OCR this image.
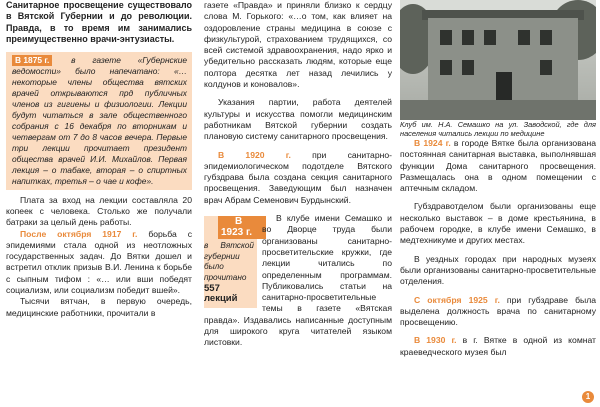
Санитарное просвещение существовало в Вятской Губернии и до революции. Правда, в то время им занимались преимущественно врачи-энтузиасты.

В 1875 г.	в газете «Губернские ведомости» было напечатано: «… некоторые члены общества вятских врачей открываются прд публичных членов из гигиены и физиологии. Лекции будут читаться в зале общественного собрания с 16 декабря по вторникам и четвергам от 7 до 8 часов вечера. Первые три лекции прочитает президент общества врачей И.И. Михайлов. Первая лекция – о табаке, вторая – о спиртных напитках, третья – о чае и кофе».

Плата за вход на лекции составляла 20 копеек с человека. Столько же получали батраки за целый день работы.

После октября 1917 г. борьба с эпидемиями стала одной из неотложных государственных задач. До Вятки дошел и встретил отклик призыв В.И. Ленина к борьбе с сыпным тифом : «… или вши победят социализм, или социализм победит вшей».

Тысячи вятчан, в первую очередь, медицинские работники, прочитали в

газете «Правда» и приняли близко к сердцу слова М. Горького: «…о том, как влияет на оздоровление страны медицина в союзе с физкультурой, страхованием трудящихся, со всей системой здравоохранения, надо ярко и убедительно рассказать людям, которые еще полтора десятка лет назад лечились у колдунов и коновалов».

Указания партии, работа деятелей культуры и искусства помогли медицинским работникам Вятской губернии создать плановую систему санитарного просвещения.

В 1920 г. при санитарно-эпидемиологическом подотделе Вятского губздрава была создана секция санитарного просвещения. Заведующим был назначен врач Абрам Семенович Бурдынский.

В 1923 г.
в Вятской губернии было прочитано
557
лекций
В клубе имени Семашко и во Дворце труда были организованы санитарно-просветительские кружки, где лекции читались по определенным программам. Публиковались статьи на санитарно-просветительные темы в газете «Вятская правда». Издавались написанные доступным для широкого круга читателей языком листовки.

Клуб им. Н.А. Семашко на ул. Заводской, где для населения читались лекции по медицине

В 1924 г. в городе Вятке была организована постоянная санитарная выставка, выполнявшая функции Дома санитарного просвещения. Размещалась она в одном помещении с аптечным складом.

Губздравотделом были организованы еще несколько выставок – в доме крестьянина, в рабочем городке, в клубе имени Семашко, в медтехникуме и других местах.

В уездных городах при народных музеях были организованы санитарно-просветительные отделения.

С октября 1925 г. при губздраве была выделена должность врача по санитарному просвещению.

В 1930 г. в г. Вятке в одной из комнат краеведческого музея был

1
